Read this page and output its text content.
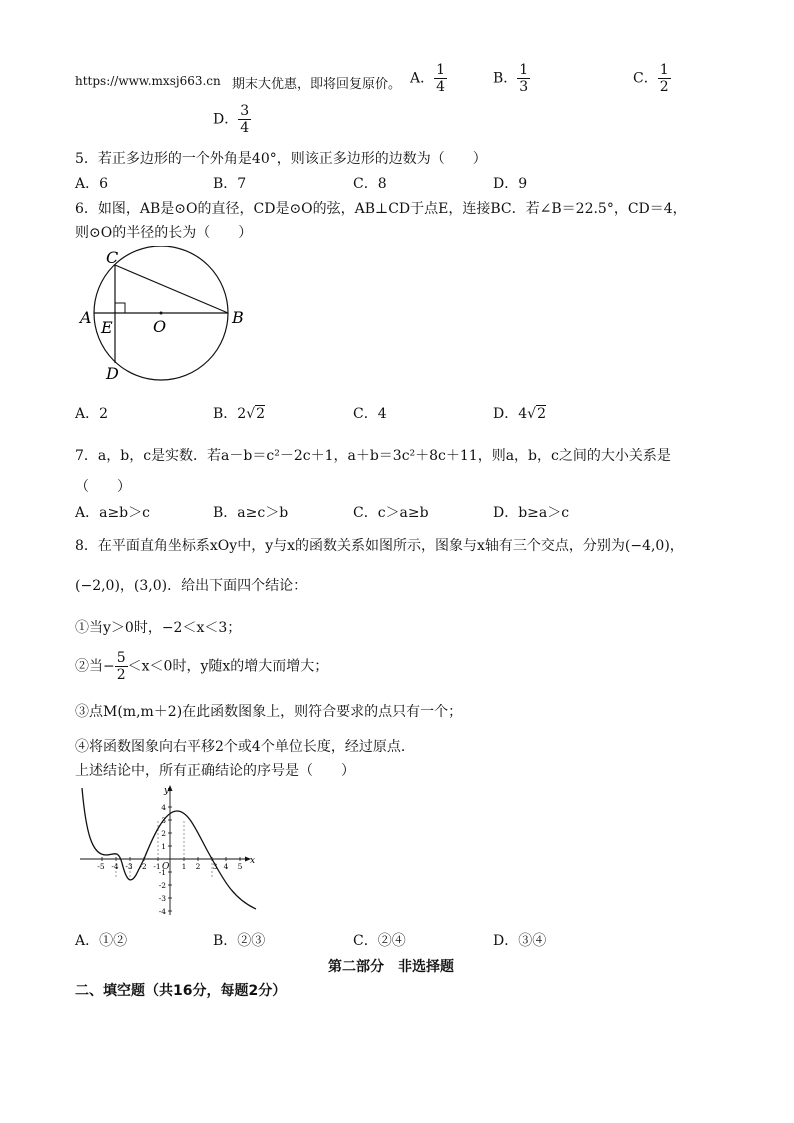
https://www.mxsj663.cn 期末大优惠，即将回复原价。 A． $\frac{1}{4}$	B． $\frac{1}{3}$	C． $\frac{1}{2}$
D． $\frac{3}{4}$
5．若正多边形的一个外角是40°，则该正多边形的边数为（　　）
A．6	B．7	C．8	D．9
6．如图，AB是⊙O的直径，CD是⊙O的弦，AB⊥CD于点E，连接BC．若∠B＝22.5°，CD＝4，
则⊙O的半径的长为（　　）
C
A
E	O	B
D
A．2	B．2√2	C．4	D．4√2
7．a，b，c是实数．若a－b＝c²－2c＋1，a＋b＝3c²＋8c＋11，则a，b，c之间的大小关系是
（　　）
A．a≥b＞c	B．a≥c＞b	C．c＞a≥b	D．b≥a＞c
8．在平面直角坐标系xOy中，y与x的函数关系如图所示，图象与x轴有三个交点，分别为(−4,0)，
(−2,0)，(3,0)．给出下面四个结论：
①当y＞0时，−2＜x＜3；
②当− $\frac{5}{2} <x<0$时，y随x的增大而增大；
③点M(m,m＋2)在此函数图象上，则符合要求的点只有一个；
④将函数图象向右平移2个或4个单位长度，经过原点．
上述结论中，所有正确结论的序号是（　　）
x
y
O
-5 -4 -3 -2 -1	1 2 3 4 5
4
3
2
1
-1
-2
-3
-4
A．①②	B．②③	C．②④	D．③④
第二部分　非选择题
二、填空题（共16分，每题2分）
